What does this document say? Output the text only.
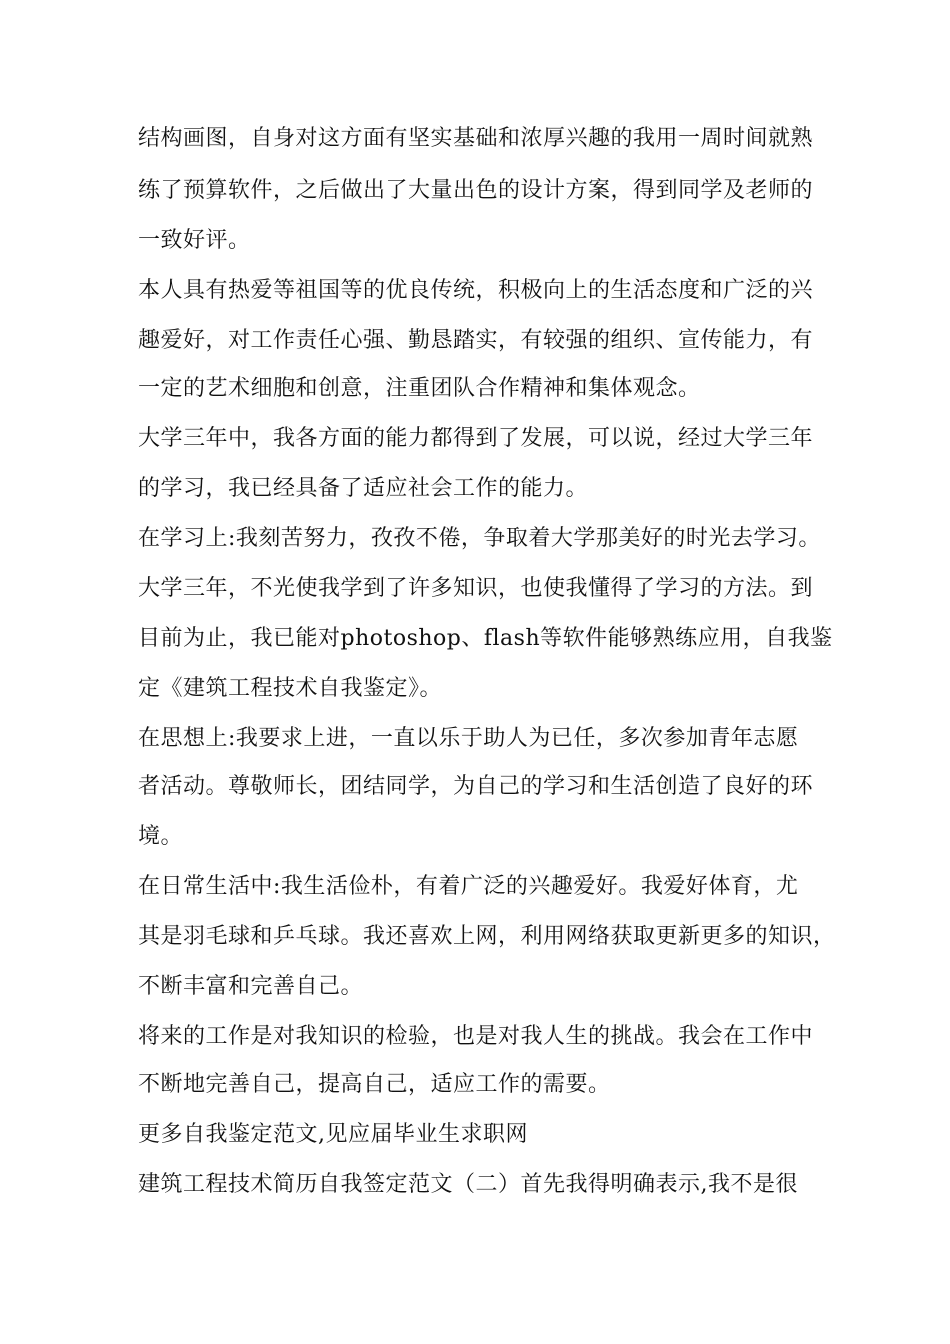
结构画图，自身对这方面有坚实基础和浓厚兴趣的我用一周时间就熟
练了预算软件，之后做出了大量出色的设计方案，得到同学及老师的
一致好评。
本人具有热爱等祖国等的优良传统，积极向上的生活态度和广泛的兴
趣爱好，对工作责任心强、勤恳踏实，有较强的组织、宣传能力，有
一定的艺术细胞和创意，注重团队合作精神和集体观念。
大学三年中，我各方面的能力都得到了发展，可以说，经过大学三年
的学习，我已经具备了适应社会工作的能力。
在学习上:我刻苦努力，孜孜不倦，争取着大学那美好的时光去学习。
大学三年，不光使我学到了许多知识，也使我懂得了学习的方法。到
目前为止，我已能对photoshop、flash等软件能够熟练应用，自我鉴
定《建筑工程技术自我鉴定》。
在思想上:我要求上进，一直以乐于助人为已任，多次参加青年志愿
者活动。尊敬师长，团结同学，为自己的学习和生活创造了良好的环
境。
在日常生活中:我生活俭朴，有着广泛的兴趣爱好。我爱好体育，尤
其是羽毛球和乒乓球。我还喜欢上网，利用网络获取更新更多的知识，
不断丰富和完善自己。
将来的工作是对我知识的检验，也是对我人生的挑战。我会在工作中
不断地完善自己，提高自己，适应工作的需要。
更多自我鉴定范文,见应届毕业生求职网
建筑工程技术简历自我签定范文（二）首先我得明确表示,我不是很
